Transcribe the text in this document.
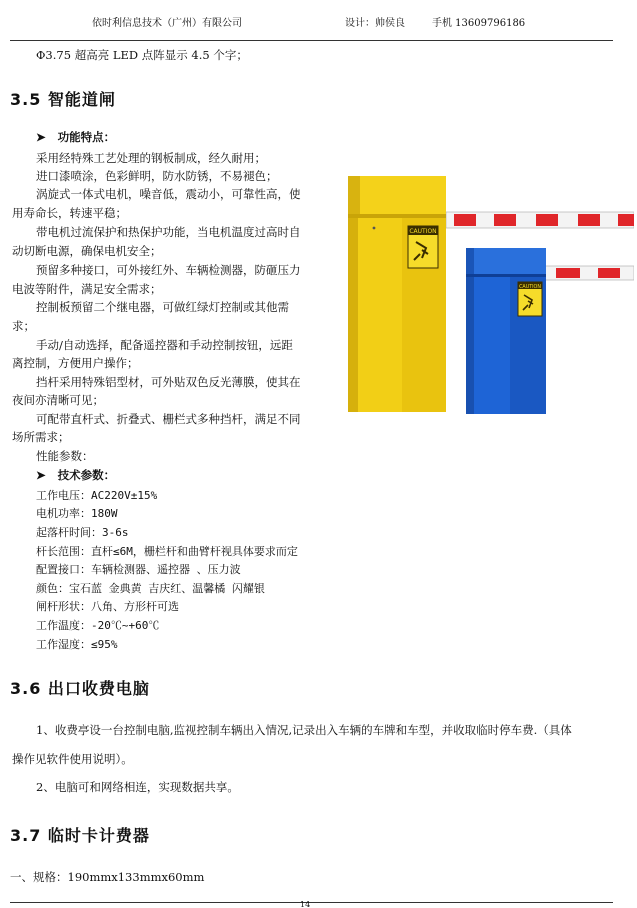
依时利信息技术（广州）有限公司	设计：帅侯良	手机 13609796186
Φ3.75 超高亮 LED 点阵显示 4.5 个字；
3.5 智能道闸
➤   功能特点：
采用经特殊工艺处理的钢板制成，经久耐用；
进口漆喷涂，色彩鲜明，防水防锈，不易褪色；
涡旋式一体式电机，噪音低，震动小，可靠性高，使
用寿命长，转速平稳；
带电机过流保护和热保护功能，当电机温度过高时自
动切断电源，确保电机安全；
预留多种接口，可外接红外、车辆检测器，防砸压力
电波等附件，满足安全需求；
控制板预留二个继电器，可做红绿灯控制或其他需
求；
手动/自动选择，配备遥控器和手动控制按钮，远距
离控制，方便用户操作；
挡杆采用特殊铝型材，可外贴双色反光薄膜，使其在
夜间亦清晰可见；
可配带直杆式、折叠式、栅栏式多种挡杆，满足不同
场所需求；
性能参数：
➤   技术参数：
工作电压：AC220V±15%
电机功率：180W
起落杆时间：3-6s
杆长范围：直杆≤6M，栅栏杆和曲臂杆视具体要求而定
配置接口：车辆检测器、遥控器 、压力波
颜色：宝石蓝 金典黄 吉庆红、温馨橘 闪耀银
闸杆形状：八角、方形杆可选
工作温度：-20℃~+60℃
工作湿度：≤95%
CAUTION
CAUTION
3.6 出口收费电脑
1、收费亭设一台控制电脑,监视控制车辆出入情况,记录出入车辆的车牌和车型，并收取临时停车费.（具体
操作见软件使用说明）。
2、电脑可和网络相连，实现数据共享。
3.7 临时卡计费器
一、规格：190mmx133mmx60mm
14
